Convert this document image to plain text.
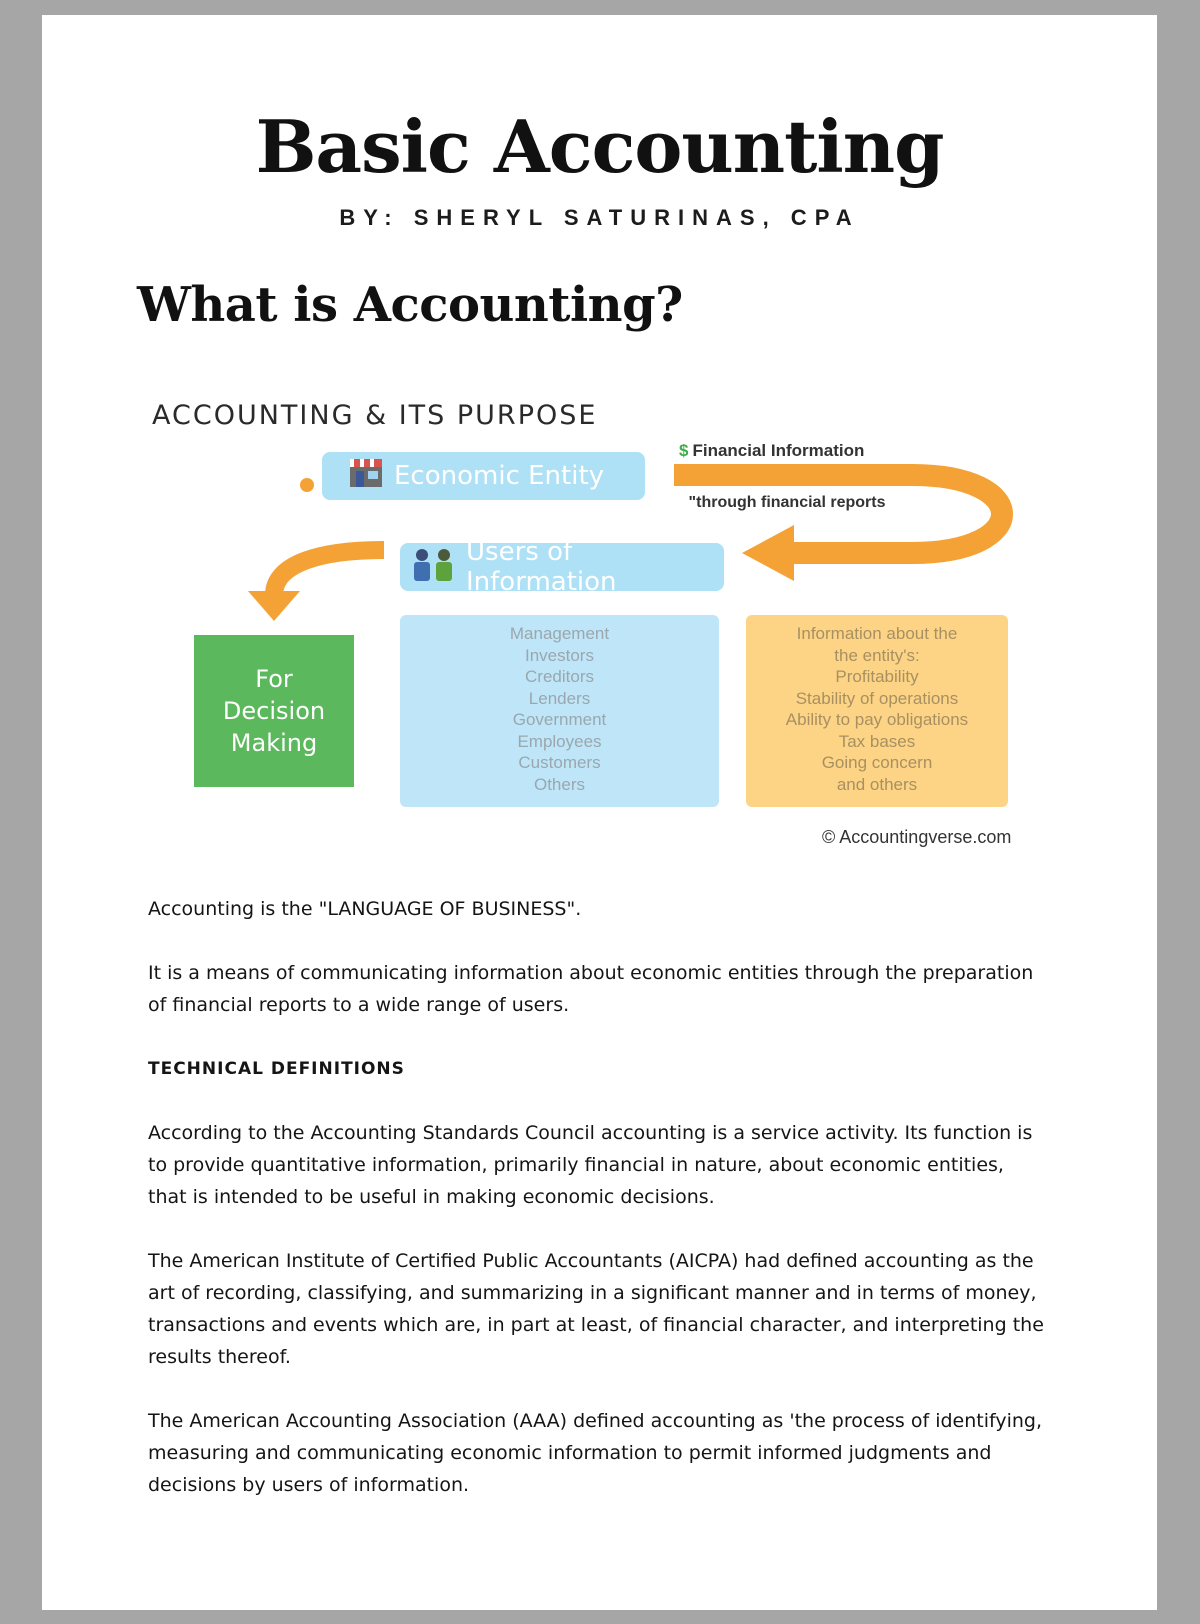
Basic Accounting
BY: SHERYL SATURINAS, CPA
What is Accounting?
ACCOUNTING & ITS PURPOSE
Economic Entity
$ Financial Information
"through financial reports
Users of Information
For
Decision
Making
Management
Investors
Creditors
Lenders
Government
Employees
Customers
Others
Information about the
the entity's:
Profitability
Stability of operations
Ability to pay obligations
Tax bases
Going concern
and others
© Accountingverse.com

Accounting is the "LANGUAGE OF BUSINESS".

It is a means of communicating information about economic entities through the preparation of financial reports to a wide range of users.

TECHNICAL DEFINITIONS

According to the Accounting Standards Council accounting is a service activity. Its function is to provide quantitative information, primarily financial in nature, about economic entities, that is intended to be useful in making economic decisions.

The American Institute of Certified Public Accountants (AICPA) had defined accounting as the art of recording, classifying, and summarizing in a significant manner and in terms of money, transactions and events which are, in part at least, of financial character, and interpreting the results thereof.

The American Accounting Association (AAA) defined accounting as 'the process of identifying, measuring and communicating economic information to permit informed judgments and decisions by users of information.
